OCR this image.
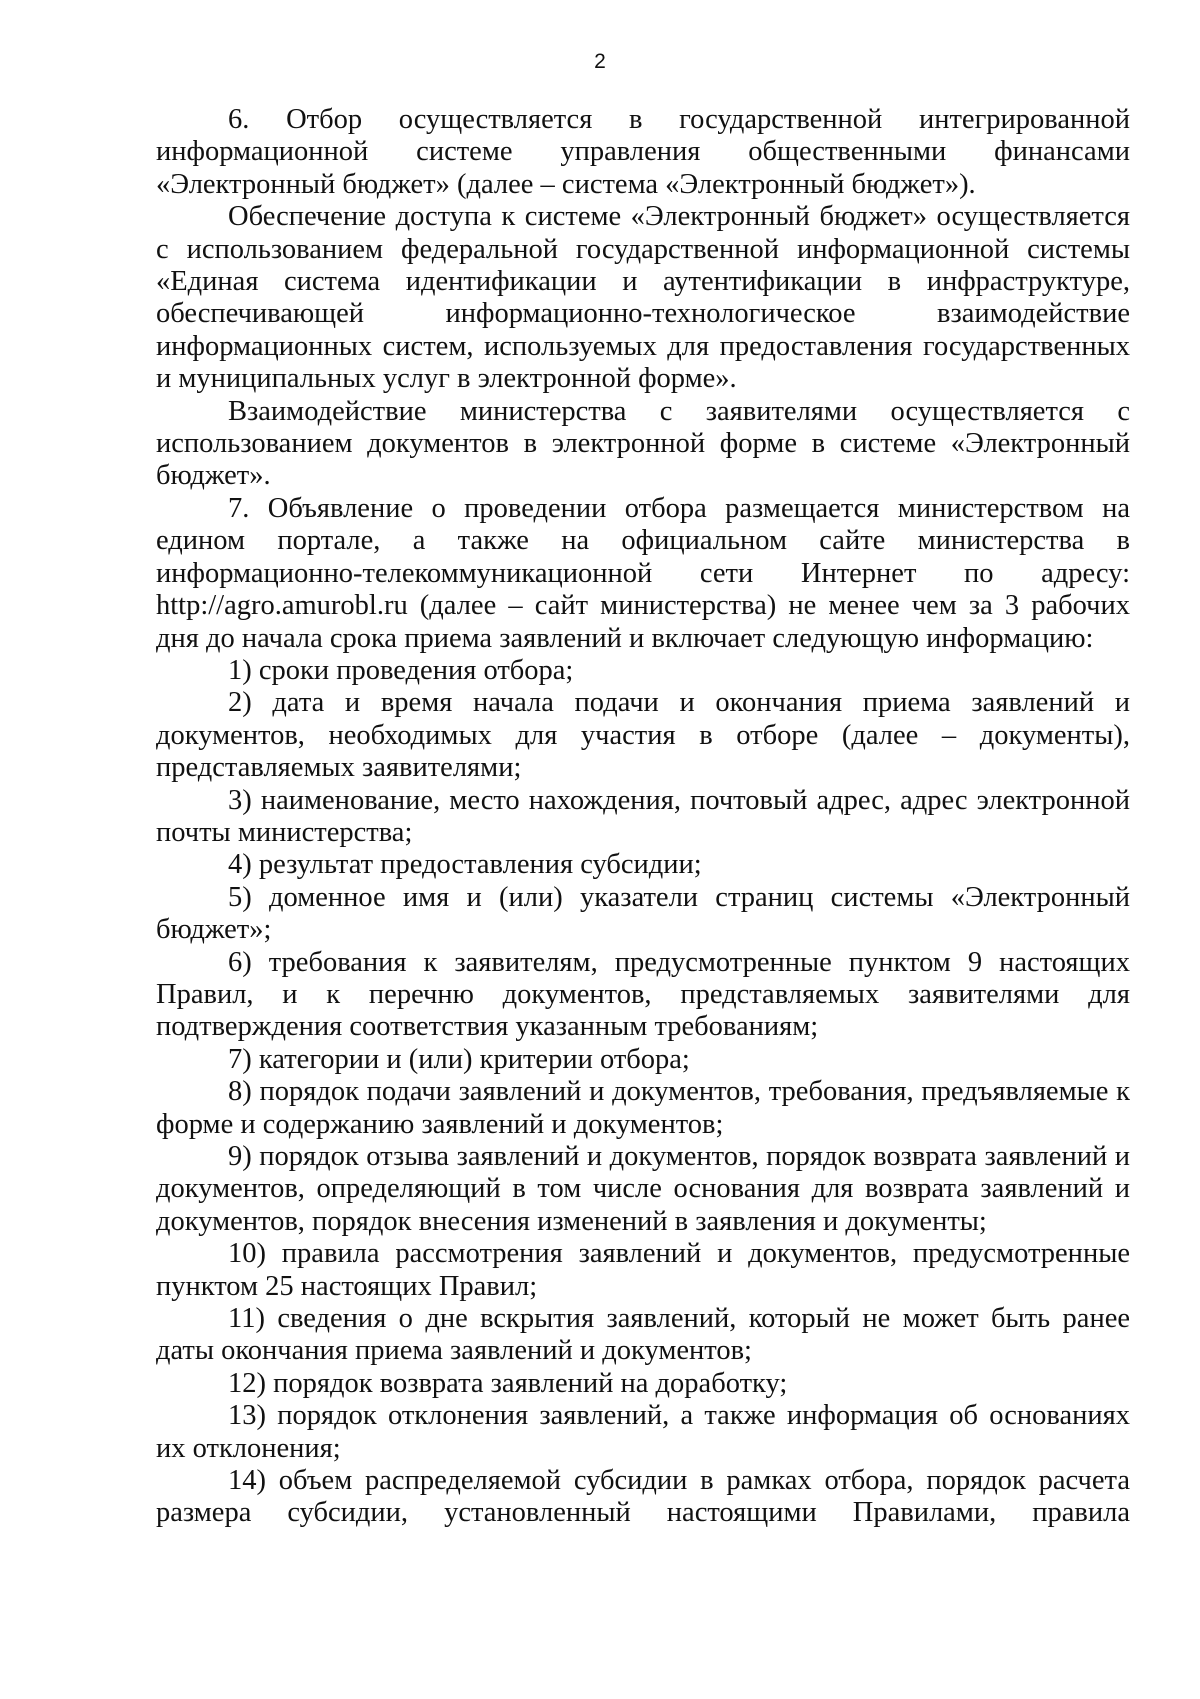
2

6. Отбор осуществляется в государственной интегрированной информационной системе управления общественными финансами «Электронный бюджет» (далее – система «Электронный бюджет»).

Обеспечение доступа к системе «Электронный бюджет» осуществляется с использованием федеральной государственной информационной системы «Единая система идентификации и аутентификации в инфраструктуре, обеспечивающей информационно-технологическое взаимодействие информационных систем, используемых для предоставления государственных и муниципальных услуг в электронной форме».

Взаимодействие министерства с заявителями осуществляется с использованием документов в электронной форме в системе «Электронный бюджет».

7. Объявление о проведении отбора размещается министерством на едином портале, а также на официальном сайте министерства в информационно-телекоммуникационной сети Интернет по адресу: http://agro.amurobl.ru (далее – сайт министерства) не менее чем за 3 рабочих дня до начала срока приема заявлений и включает следующую информацию:

1) сроки проведения отбора;

2) дата и время начала подачи и окончания приема заявлений и документов, необходимых для участия в отборе (далее – документы), представляемых заявителями;

3) наименование, место нахождения, почтовый адрес, адрес электронной почты министерства;

4) результат предоставления субсидии;

5) доменное имя и (или) указатели страниц системы «Электронный бюджет»;

6) требования к заявителям, предусмотренные пунктом 9 настоящих Правил, и к перечню документов, представляемых заявителями для подтверждения соответствия указанным требованиям;

7) категории и (или) критерии отбора;

8) порядок подачи заявлений и документов, требования, предъявляемые к форме и содержанию заявлений и документов;

9) порядок отзыва заявлений и документов, порядок возврата заявлений и документов, определяющий в том числе основания для возврата заявлений и документов, порядок внесения изменений в заявления и документы;

10) правила рассмотрения заявлений и документов, предусмотренные пунктом 25 настоящих Правил;

11) сведения о дне вскрытия заявлений, который не может быть ранее даты окончания приема заявлений и документов;

12) порядок возврата заявлений на доработку;

13) порядок отклонения заявлений, а также информация об основаниях их отклонения;

14) объем распределяемой субсидии в рамках отбора, порядок расчета размера субсидии, установленный настоящими Правилами, правила
